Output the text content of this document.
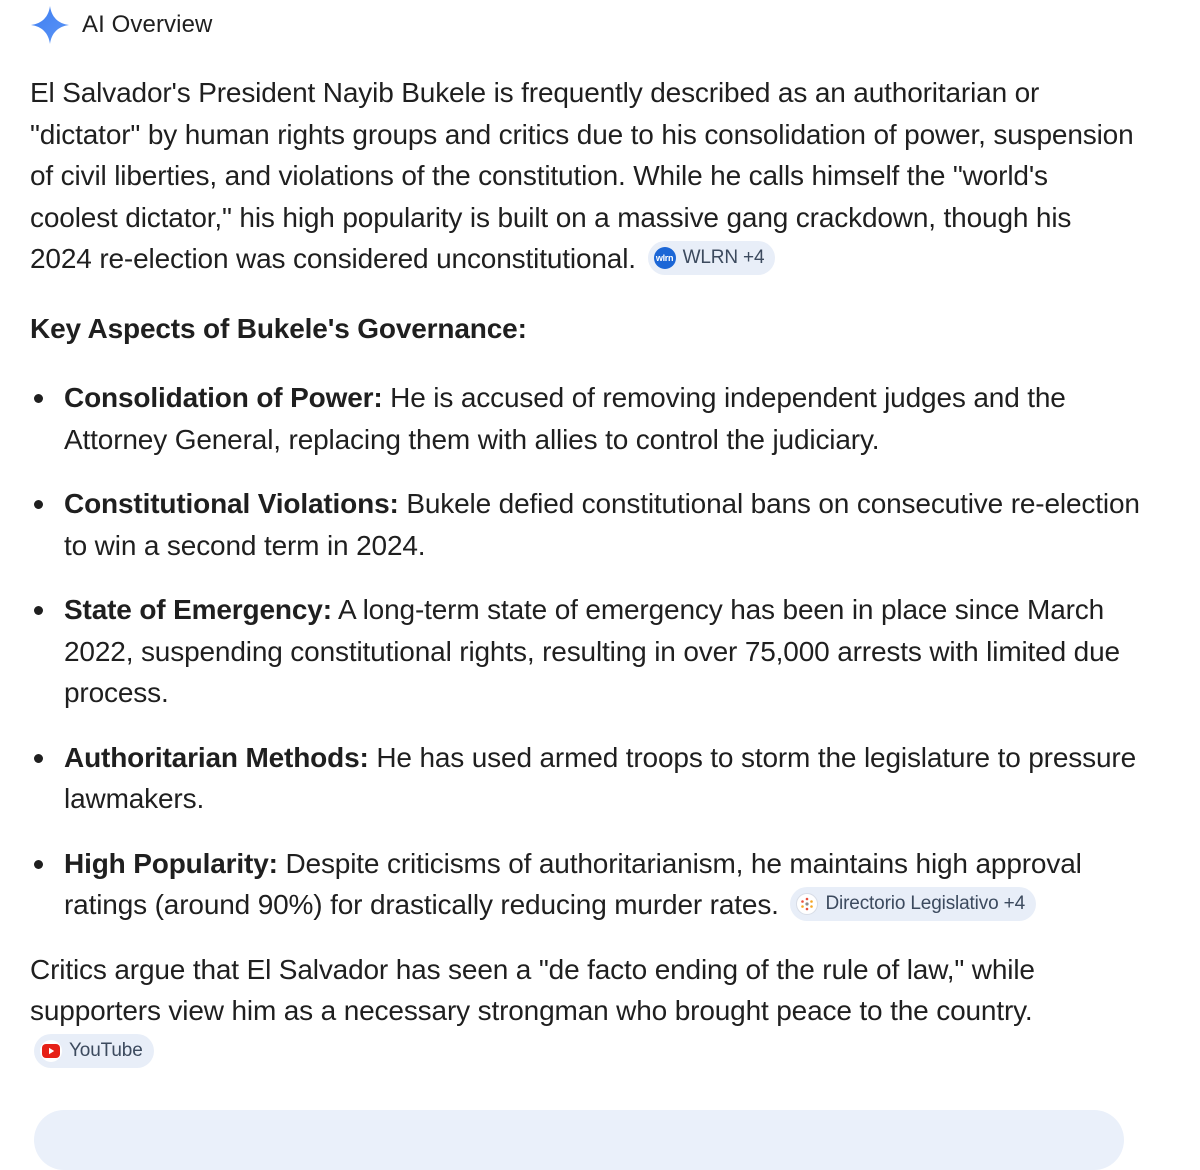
AI Overview

El Salvador's President Nayib Bukele is frequently described as an authoritarian or "dictator" by human rights groups and critics due to his consolidation of power, suspension of civil liberties, and violations of the constitution. While he calls himself the "world's coolest dictator," his high popularity is built on a massive gang crackdown, though his 2024 re-election was considered unconstitutional. wlrn WLRN +4

Key Aspects of Bukele's Governance:

Consolidation of Power: He is accused of removing independent judges and the Attorney General, replacing them with allies to control the judiciary.
Constitutional Violations: Bukele defied constitutional bans on consecutive re-election to win a second term in 2024.
State of Emergency: A long-term state of emergency has been in place since March 2022, suspending constitutional rights, resulting in over 75,000 arrests with limited due process.
Authoritarian Methods: He has used armed troops to storm the legislature to pressure lawmakers.
High Popularity: Despite criticisms of authoritarianism, he maintains high approval ratings (around 90%) for drastically reducing murder rates. Directorio Legislativo +4

Critics argue that El Salvador has seen a "de facto ending of the rule of law," while supporters view him as a necessary strongman who brought peace to the country.
YouTube
